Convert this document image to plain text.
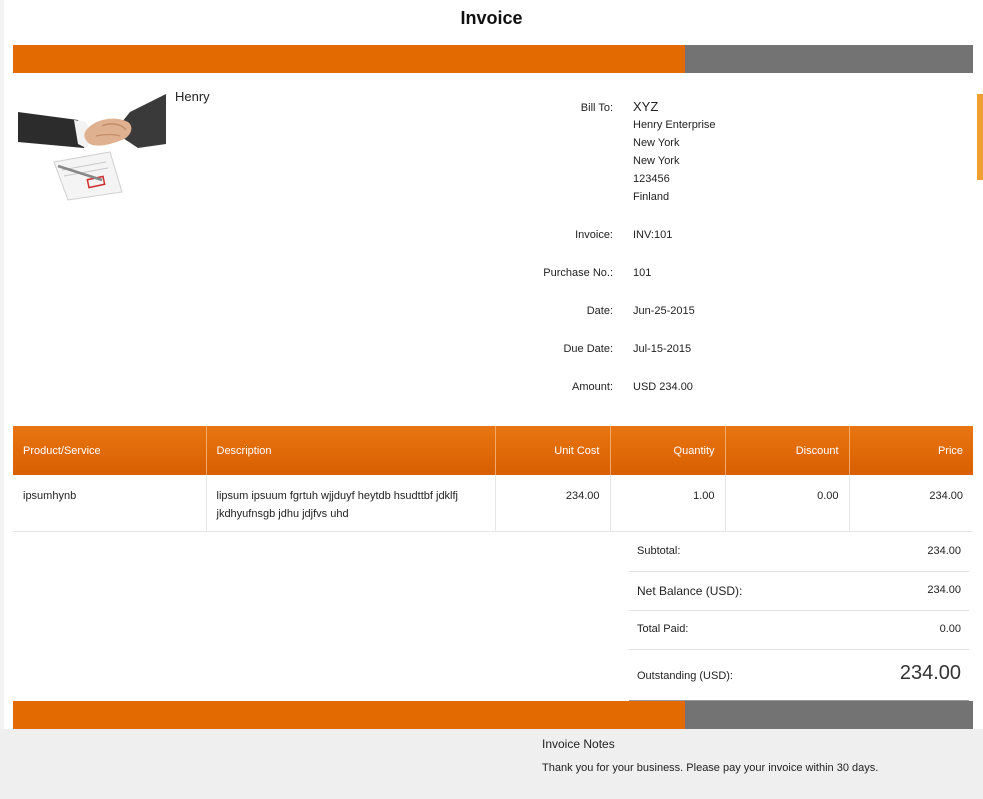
Invoice
Henry
Bill To: XYZ
Henry Enterprise
New York
New York
123456
Finland
Invoice: INV:101
Purchase No.: 101
Date: Jun-25-2015
Due Date: Jul-15-2015
Amount: USD 234.00
Product/Service	Description	Unit Cost	Quantity	Discount	Price
ipsumhynb	lipsum ipsuum fgrtuh wjjduyf heytdb hsudttbf jdklfj jkdhyufnsgb jdhu jdjfvs uhd	234.00	1.00	0.00	234.00
Subtotal:	234.00
Net Balance (USD):	234.00
Total Paid:	0.00
Outstanding (USD):	234.00
Invoice Notes
Thank you for your business. Please pay your invoice within 30 days.
